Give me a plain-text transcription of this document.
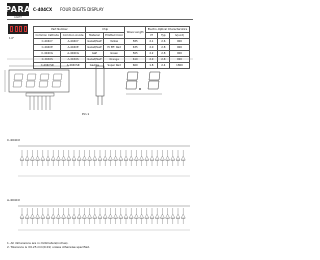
PARA
LIGHT
C-404CX FOUR DIGITS DISPLAY
1.0"
Part Number		Chip		Wave Length	Electro-Optical Characteristics		
Common Cathode	Common Anode	Material	Emitted Color		Vf	Typ	Iv(ucd)
C-404CY	A-404CY	GaAsP/GaP	Yellow	585	2.1	2.6	900
C-404CE	A-404CE	GaAsP/GaP	Hi Eff. Red	635	2.0	2.8	900
C-404CG	A-404CG	GaP	Green	565	2.2	2.8	900
C-404CS	A-404CS	GaAsP/GaP	Orange	610	2.0	2.8	900
C-404CSR	A-404CSR	GaAlAs	Super Red	660	1.8	2.4	1800
Pin 1
C-404CX
A-404CX
1. All dimensions are in millimeters(inches).
2. Tolerance is ±0.25 mm(0.01) unless otherwise specified.
